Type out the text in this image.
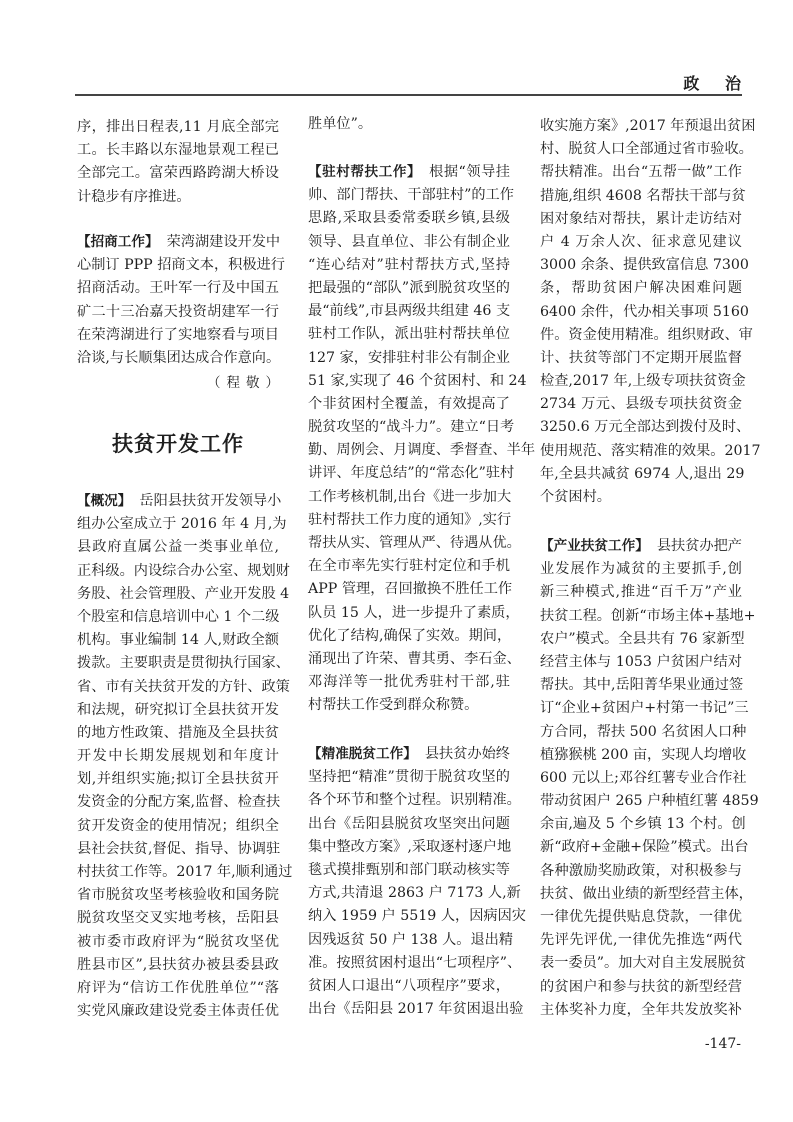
政 治
（程敬）
扶贫开发工作
序，排出日程表,11 月底全部完
工。长丰路以东湿地景观工程已
全部完工。富荣西路跨湖大桥设
计稳步有序推进。
【招商工作】 荣湾湖建设开发中
心制订 PPP 招商文本，积极进行
招商活动。王叶军一行及中国五
矿二十三冶嘉天投资胡建军一行
在荣湾湖进行了实地察看与项目
洽谈,与长顺集团达成合作意向。
【概况】 岳阳县扶贫开发领导小
组办公室成立于 2016 年 4 月,为
县政府直属公益一类事业单位,
正科级。内设综合办公室、规划财
务股、社会管理股、产业开发股 4
个股室和信息培训中心 1 个二级
机构。事业编制 14 人,财政全额
拨款。主要职责是贯彻执行国家、
省、市有关扶贫开发的方针、政策
和法规，研究拟订全县扶贫开发
的地方性政策、措施及全县扶贫
开发中长期发展规划和年度计
划,并组织实施;拟订全县扶贫开
发资金的分配方案,监督、检查扶
贫开发资金的使用情况；组织全
县社会扶贫,督促、指导、协调驻
村扶贫工作等。2017 年,顺利通过
省市脱贫攻坚考核验收和国务院
脱贫攻坚交叉实地考核，岳阳县
被市委市政府评为“脱贫攻坚优
胜县市区”,县扶贫办被县委县政
府评为“信访工作优胜单位”“落
实党风廉政建设党委主体责任优
胜单位”。
【驻村帮扶工作】 根据“领导挂
帅、部门帮扶、干部驻村”的工作
思路,采取县委常委联乡镇,县级
领导、县直单位、非公有制企业
“连心结对”驻村帮扶方式,坚持
把最强的“部队”派到脱贫攻坚的
最“前线”,市县两级共组建 46 支
驻村工作队，派出驻村帮扶单位
127 家，安排驻村非公有制企业
51 家,实现了 46 个贫困村、和 24
个非贫困村全覆盖，有效提高了
脱贫攻坚的“战斗力”。建立“日考
勤、周例会、月调度、季督查、半年
讲评、年度总结”的“常态化”驻村
工作考核机制,出台《进一步加大
驻村帮扶工作力度的通知》,实行
帮扶从实、管理从严、待遇从优。
在全市率先实行驻村定位和手机
APP 管理，召回撤换不胜任工作
队员 15 人，进一步提升了素质，
优化了结构,确保了实效。期间，
涌现出了许荣、曹其勇、李石金、
邓海洋等一批优秀驻村干部,驻
村帮扶工作受到群众称赞。
【精准脱贫工作】 县扶贫办始终
坚持把“精准”贯彻于脱贫攻坚的
各个环节和整个过程。识别精准。
出台《岳阳县脱贫攻坚突出问题
集中整改方案》,采取逐村逐户地
毯式摸排甄别和部门联动核实等
方式,共清退 2863 户 7173 人,新
纳入 1959 户 5519 人，因病因灾
因残返贫 50 户 138 人。退出精
准。按照贫困村退出“七项程序”、
贫困人口退出“八项程序”要求，
出台《岳阳县 2017 年贫困退出验
收实施方案》,2017 年预退出贫困
村、脱贫人口全部通过省市验收。
帮扶精准。出台“五帮一做”工作
措施,组织 4608 名帮扶干部与贫
困对象结对帮扶，累计走访结对
户 4 万余人次、征求意见建议
3000 余条、提供致富信息 7300
条，帮助贫困户解决困难问题
6400 余件，代办相关事项 5160
件。资金使用精准。组织财政、审
计、扶贫等部门不定期开展监督
检查,2017 年,上级专项扶贫资金
2734 万元、县级专项扶贫资金
3250.6 万元全部达到拨付及时、
使用规范、落实精准的效果。2017
年,全县共减贫 6974 人,退出 29
个贫困村。
【产业扶贫工作】 县扶贫办把产
业发展作为减贫的主要抓手,创
新三种模式,推进“百千万”产业
扶贫工程。创新“市场主体+基地+
农户”模式。全县共有 76 家新型
经营主体与 1053 户贫困户结对
帮扶。其中,岳阳菁华果业通过签
订“企业+贫困户+村第一书记”三
方合同，帮扶 500 名贫困人口种
植猕猴桃 200 亩，实现人均增收
600 元以上;邓谷红薯专业合作社
带动贫困户 265 户种植红薯 4859
余亩,遍及 5 个乡镇 13 个村。创
新“政府+金融+保险”模式。出台
各种激励奖励政策，对积极参与
扶贫、做出业绩的新型经营主体，
一律优先提供贴息贷款，一律优
先评先评优,一律优先推选“两代
表一委员”。加大对自主发展脱贫
的贫困户和参与扶贫的新型经营
主体奖补力度，全年共发放奖补
-147-
